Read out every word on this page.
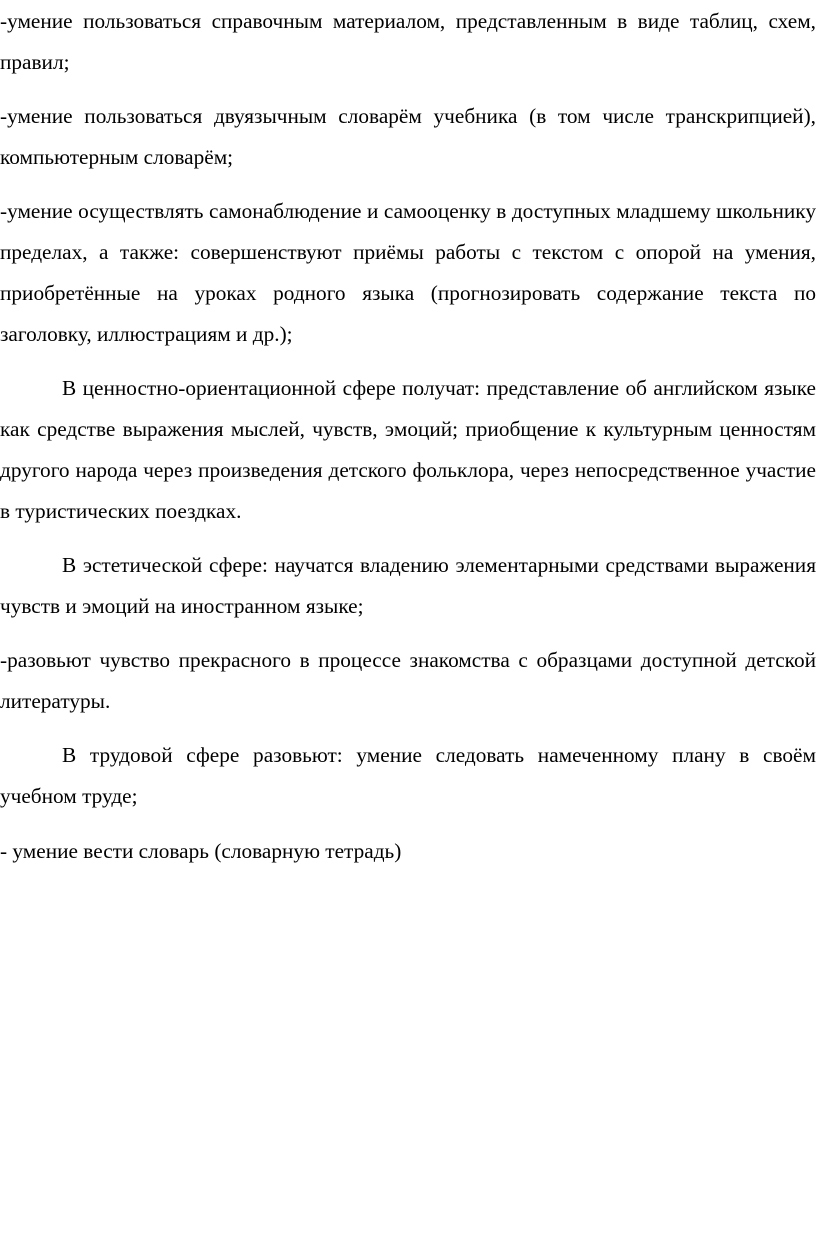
-умение пользоваться справочным материалом, представленным в виде таблиц, схем, правил;

-умение пользоваться двуязычным словарём учебника (в том числе транскрипцией), компьютерным словарём;

-умение осуществлять самонаблюдение и самооценку в доступных младшему школьнику пределах, а также: совершенствуют приёмы работы с текстом с опорой на умения, приобретённые на уроках родного языка (прогнозировать содержание текста по заголовку, иллюстрациям и др.);

В ценностно-ориентационной сфере получат: представление об английском языке как средстве выражения мыслей, чувств, эмоций; приобщение к культурным ценностям другого народа через произведения детского фольклора, через непосредственное участие в туристических поездках.

В эстетической сфере: научатся владению элементарными средствами выражения чувств и эмоций на иностранном языке;

-разовьют чувство прекрасного в процессе знакомства с образцами доступной детской литературы.

В трудовой сфере разовьют: умение следовать намеченному плану в своём учебном труде;

- умение вести словарь (словарную тетрадь)
